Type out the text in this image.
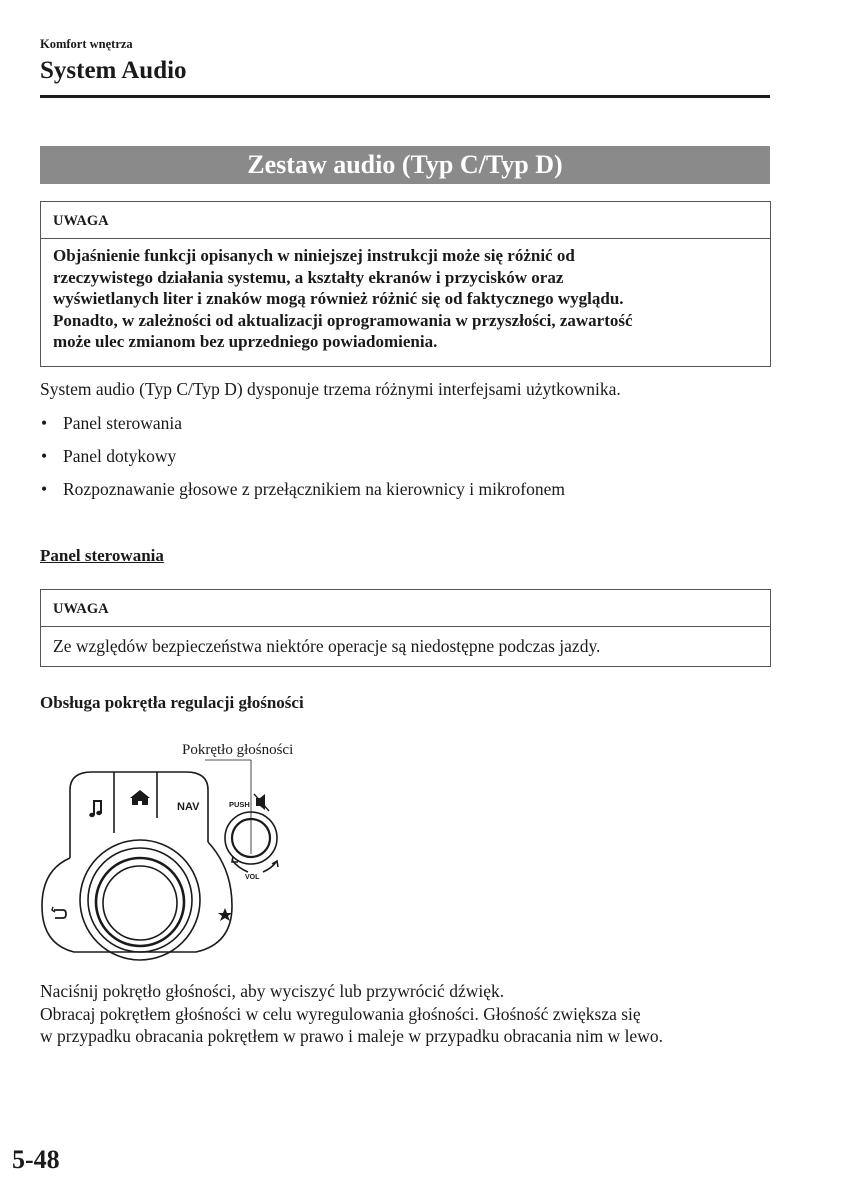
Komfort wnętrza
System Audio
Zestaw audio (Typ C/Typ D)
UWAGA
Objaśnienie funkcji opisanych w niniejszej instrukcji może się różnić od
rzeczywistego działania systemu, a kształty ekranów i przycisków oraz
wyświetlanych liter i znaków mogą również różnić się od faktycznego wyglądu.
Ponadto, w zależności od aktualizacji oprogramowania w przyszłości, zawartość
może ulec zmianom bez uprzedniego powiadomienia.
System audio (Typ C/Typ D) dysponuje trzema różnymi interfejsami użytkownika.
• Panel sterowania
• Panel dotykowy
• Rozpoznawanie głosowe z przełącznikiem na kierownicy i mikrofonem
Panel sterowania
UWAGA
Ze względów bezpieczeństwa niektóre operacje są niedostępne podczas jazdy.
Obsługa pokrętła regulacji głośności
NAV	PUSH
VOL
Pokrętło głośności
Naciśnij pokrętło głośności, aby wyciszyć lub przywrócić dźwięk.
Obracaj pokrętłem głośności w celu wyregulowania głośności. Głośność zwiększa się
w przypadku obracania pokrętłem w prawo i maleje w przypadku obracania nim w lewo.
5-48
